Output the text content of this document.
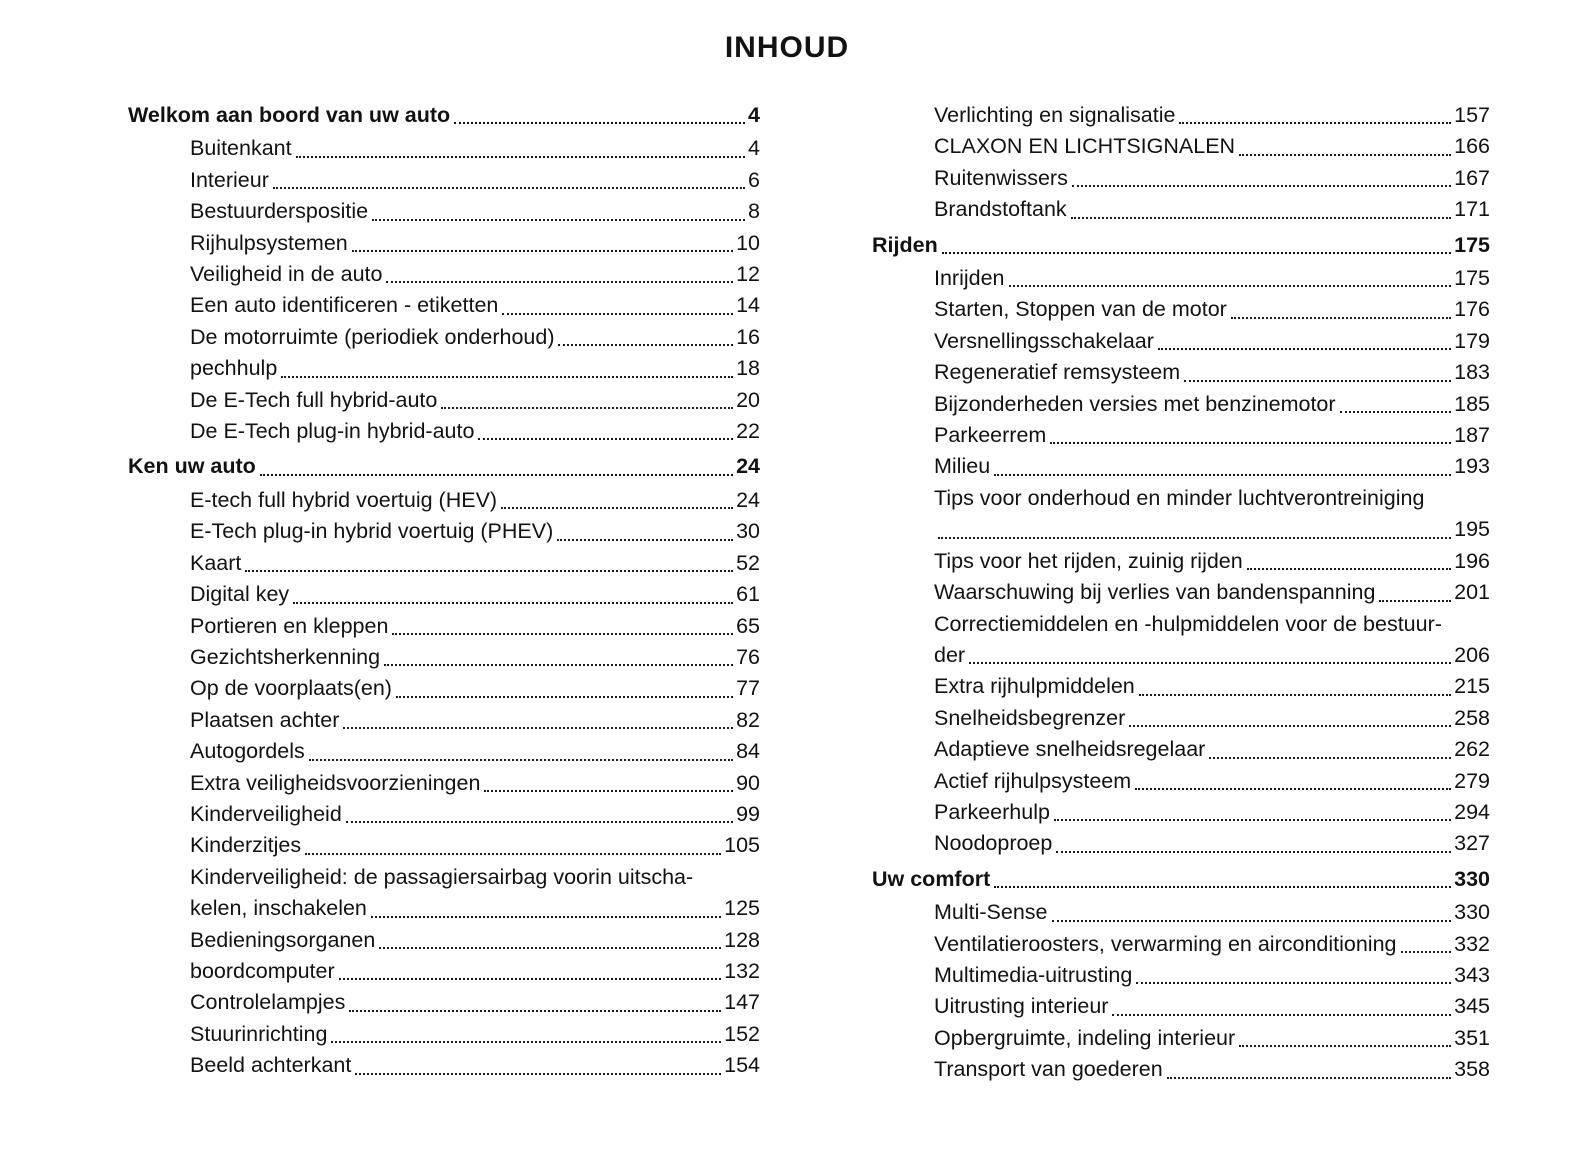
INHOUD
Welkom aan boord van uw auto	4
Buitenkant	4
Interieur	6
Bestuurderspositie	8
Rijhulpsystemen	10
Veiligheid in de auto	12
Een auto identificeren - etiketten	14
De motorruimte (periodiek onderhoud)	16
pechhulp	18
De E-Tech full hybrid-auto	20
De E-Tech plug-in hybrid-auto	22
Ken uw auto	24
E-tech full hybrid voertuig (HEV)	24
E-Tech plug-in hybrid voertuig (PHEV)	30
Kaart	52
Digital key	61
Portieren en kleppen	65
Gezichtsherkenning	76
Op de voorplaats(en)	77
Plaatsen achter	82
Autogordels	84
Extra veiligheidsvoorzieningen	90
Kinderveiligheid	99
Kinderzitjes	105
Kinderveiligheid: de passagiersairbag voorin uitscha-
kelen, inschakelen	125
Bedieningsorganen	128
boordcomputer	132
Controlelampjes	147
Stuurinrichting	152
Beeld achterkant	154
Verlichting en signalisatie	157
CLAXON EN LICHTSIGNALEN	166
Ruitenwissers	167
Brandstoftank	171
Rijden	175
Inrijden	175
Starten, Stoppen van de motor	176
Versnellingsschakelaar	179
Regeneratief remsysteem	183
Bijzonderheden versies met benzinemotor	185
Parkeerrem	187
Milieu	193
Tips voor onderhoud en minder luchtverontreiniging
195
Tips voor het rijden, zuinig rijden	196
Waarschuwing bij verlies van bandenspanning	201
Correctiemiddelen en -hulpmiddelen voor de bestuur-
der	206
Extra rijhulpmiddelen	215
Snelheidsbegrenzer	258
Adaptieve snelheidsregelaar	262
Actief rijhulpsysteem	279
Parkeerhulp	294
Noodoproep	327
Uw comfort	330
Multi-Sense	330
Ventilatieroosters, verwarming en airconditioning	332
Multimedia-uitrusting	343
Uitrusting interieur	345
Opbergruimte, indeling interieur	351
Transport van goederen	358
